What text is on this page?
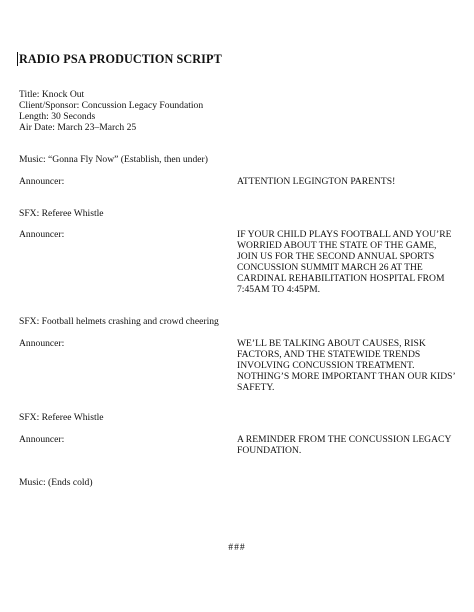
RADIO PSA PRODUCTION SCRIPT
Title: Knock Out
Client/Sponsor: Concussion Legacy Foundation
Length: 30 Seconds
Air Date: March 23–March 25
Music: “Gonna Fly Now” (Establish, then under)
Announcer:	ATTENTION LEGINGTON PARENTS!
SFX: Referee Whistle
Announcer:	IF YOUR CHILD PLAYS FOOTBALL AND YOU’RE
WORRIED ABOUT THE STATE OF THE GAME,
JOIN US FOR THE SECOND ANNUAL SPORTS
CONCUSSION SUMMIT MARCH 26 AT THE
CARDINAL REHABILITATION HOSPITAL FROM
7:45AM TO 4:45PM.
SFX: Football helmets crashing and crowd cheering
Announcer:	WE’LL BE TALKING ABOUT CAUSES, RISK
FACTORS, AND THE STATEWIDE TRENDS
INVOLVING CONCUSSION TREATMENT.
NOTHING’S MORE IMPORTANT THAN OUR KIDS’
SAFETY.
SFX: Referee Whistle
Announcer:	A REMINDER FROM THE CONCUSSION LEGACY
FOUNDATION.
Music: (Ends cold)
###
